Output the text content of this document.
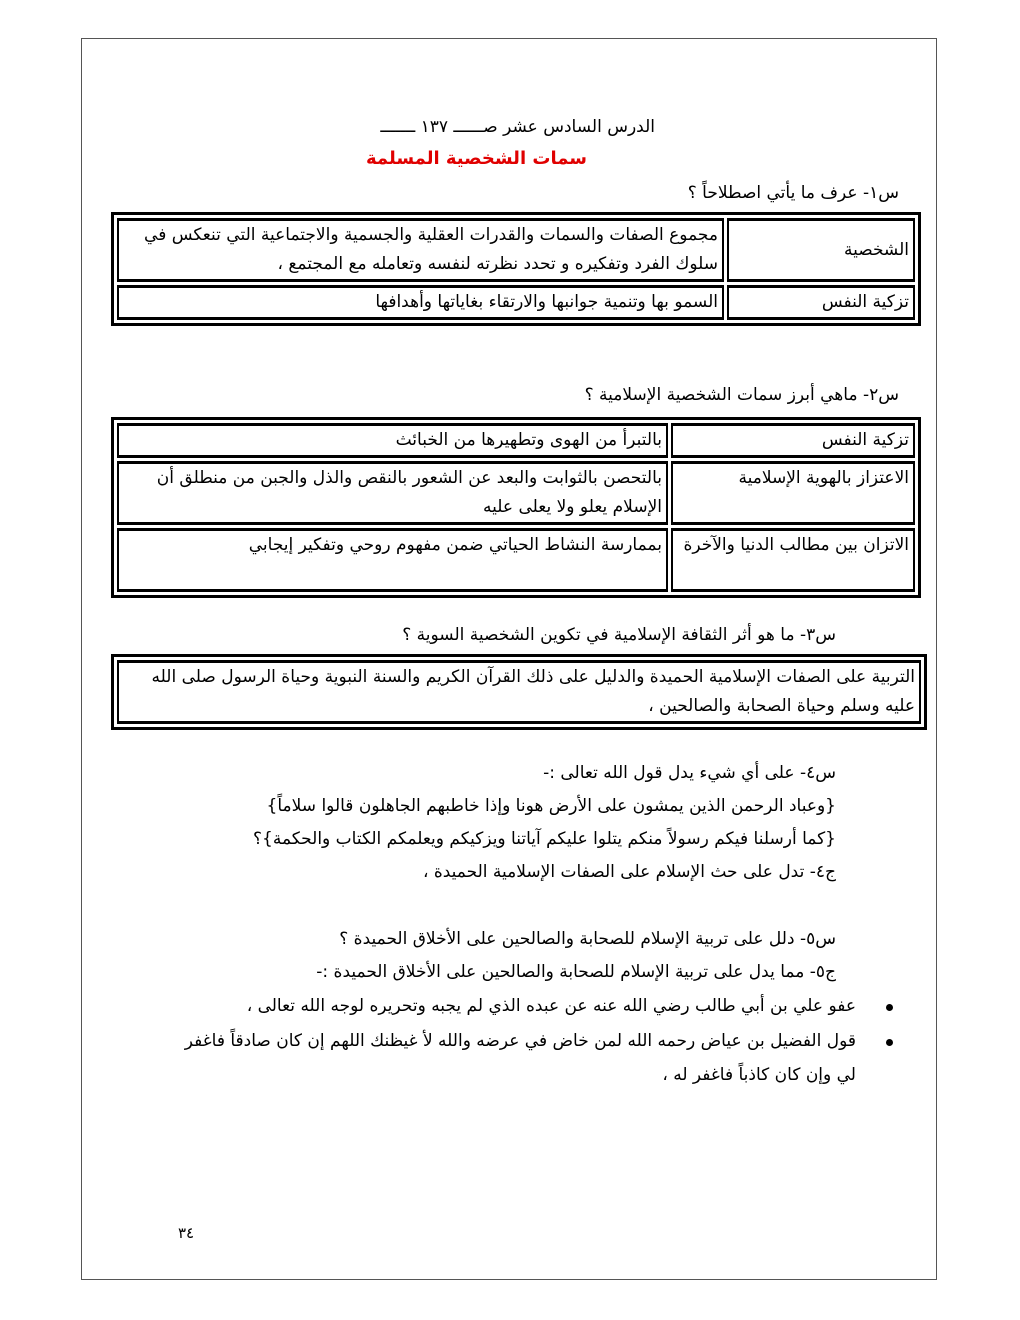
الدرس السادس عشر صــــــ ١٣٧ ـــــــ
سمات الشخصية المسلمة
س١- عرف ما يأتي اصطلاحاً ؟
الشخصية	مجموع الصفات والسمات والقدرات العقلية والجسمية والاجتماعية التي تنعكس في سلوك الفرد وتفكيره و تحدد نظرته لنفسه وتعامله مع المجتمع ،
تزكية النفس	السمو بها وتنمية جوانبها والارتقاء بغاياتها وأهدافها
س٢- ماهي أبرز سمات الشخصية الإسلامية ؟
تزكية النفس	بالتبرأ من الهوى وتطهيرها من الخبائث
الاعتزاز بالهوية الإسلامية	بالتحصن بالثوابت والبعد عن الشعور بالنقص والذل والجبن من منطلق أن الإسلام يعلو ولا يعلى عليه
الاتزان بين مطالب الدنيا والآخرة	بممارسة النشاط الحياتي ضمن مفهوم روحي وتفكير إيجابي
س٣- ما هو أثر الثقافة الإسلامية في تكوين الشخصية السوية ؟
التربية على الصفات الإسلامية الحميدة والدليل على ذلك القرآن الكريم والسنة النبوية وحياة الرسول صلى الله عليه وسلم وحياة الصحابة والصالحين ،
س٤- على أي شيء يدل قول الله تعالى :-
{وعباد الرحمن الذين يمشون على الأرض هونا وإذا خاطبهم الجاهلون قالوا سلاماً}
{كما أرسلنا فيكم رسولاً منكم يتلوا عليكم آياتنا ويزكيكم ويعلمكم الكتاب والحكمة}؟
ج٤- تدل على حث الإسلام على الصفات الإسلامية الحميدة ،
س٥- دلل على تربية الإسلام للصحابة والصالحين على الأخلاق الحميدة ؟
ج٥- مما يدل على تربية الإسلام للصحابة والصالحين على الأخلاق الحميدة :-
عفو علي بن أبي طالب رضي الله عنه عن عبده الذي لم يجبه وتحريره لوجه الله تعالى ،
قول الفضيل بن عياض رحمه الله لمن خاض في عرضه والله لأ غيظنك اللهم إن كان صادقاً فاغفر
لي وإن كان كاذباً فاغفر له ،
٣٤
